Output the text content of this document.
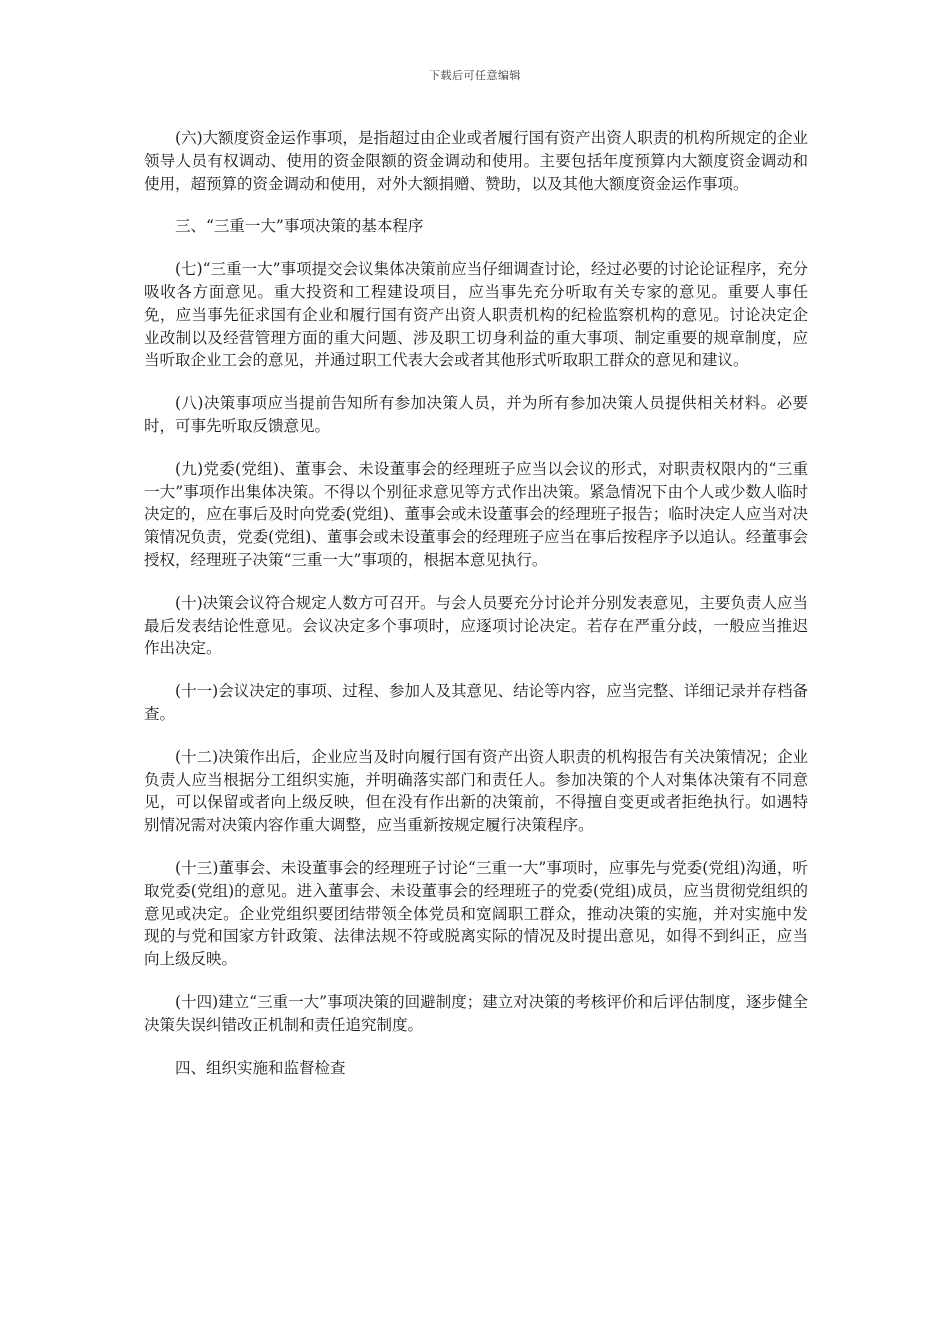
下载后可任意编辑

(六)大额度资金运作事项，是指超过由企业或者履行国有资产出资人职责的机构所规定的企业领导人员有权调动、使用的资金限额的资金调动和使用。主要包括年度预算内大额度资金调动和使用，超预算的资金调动和使用，对外大额捐赠、赞助，以及其他大额度资金运作事项。

三、“三重一大”事项决策的基本程序

(七)“三重一大”事项提交会议集体决策前应当仔细调查讨论，经过必要的讨论论证程序，充分吸收各方面意见。重大投资和工程建设项目，应当事先充分听取有关专家的意见。重要人事任免，应当事先征求国有企业和履行国有资产出资人职责机构的纪检监察机构的意见。讨论决定企业改制以及经营管理方面的重大问题、涉及职工切身利益的重大事项、制定重要的规章制度，应当听取企业工会的意见，并通过职工代表大会或者其他形式听取职工群众的意见和建议。

(八)决策事项应当提前告知所有参加决策人员，并为所有参加决策人员提供相关材料。必要时，可事先听取反馈意见。

(九)党委(党组)、董事会、未设董事会的经理班子应当以会议的形式，对职责权限内的“三重一大”事项作出集体决策。不得以个别征求意见等方式作出决策。紧急情况下由个人或少数人临时决定的，应在事后及时向党委(党组)、董事会或未设董事会的经理班子报告；临时决定人应当对决策情况负责，党委(党组)、董事会或未设董事会的经理班子应当在事后按程序予以追认。经董事会授权，经理班子决策“三重一大”事项的，根据本意见执行。

(十)决策会议符合规定人数方可召开。与会人员要充分讨论并分别发表意见，主要负责人应当最后发表结论性意见。会议决定多个事项时，应逐项讨论决定。若存在严重分歧，一般应当推迟作出决定。

(十一)会议决定的事项、过程、参加人及其意见、结论等内容，应当完整、详细记录并存档备查。

(十二)决策作出后，企业应当及时向履行国有资产出资人职责的机构报告有关决策情况；企业负责人应当根据分工组织实施，并明确落实部门和责任人。参加决策的个人对集体决策有不同意见，可以保留或者向上级反映，但在没有作出新的决策前，不得擅自变更或者拒绝执行。如遇特别情况需对决策内容作重大调整，应当重新按规定履行决策程序。

(十三)董事会、未设董事会的经理班子讨论“三重一大”事项时，应事先与党委(党组)沟通，听取党委(党组)的意见。进入董事会、未设董事会的经理班子的党委(党组)成员，应当贯彻党组织的意见或决定。企业党组织要团结带领全体党员和宽阔职工群众，推动决策的实施，并对实施中发现的与党和国家方针政策、法律法规不符或脱离实际的情况及时提出意见，如得不到纠正，应当向上级反映。

(十四)建立“三重一大”事项决策的回避制度；建立对决策的考核评价和后评估制度，逐步健全决策失误纠错改正机制和责任追究制度。

四、组织实施和监督检查
